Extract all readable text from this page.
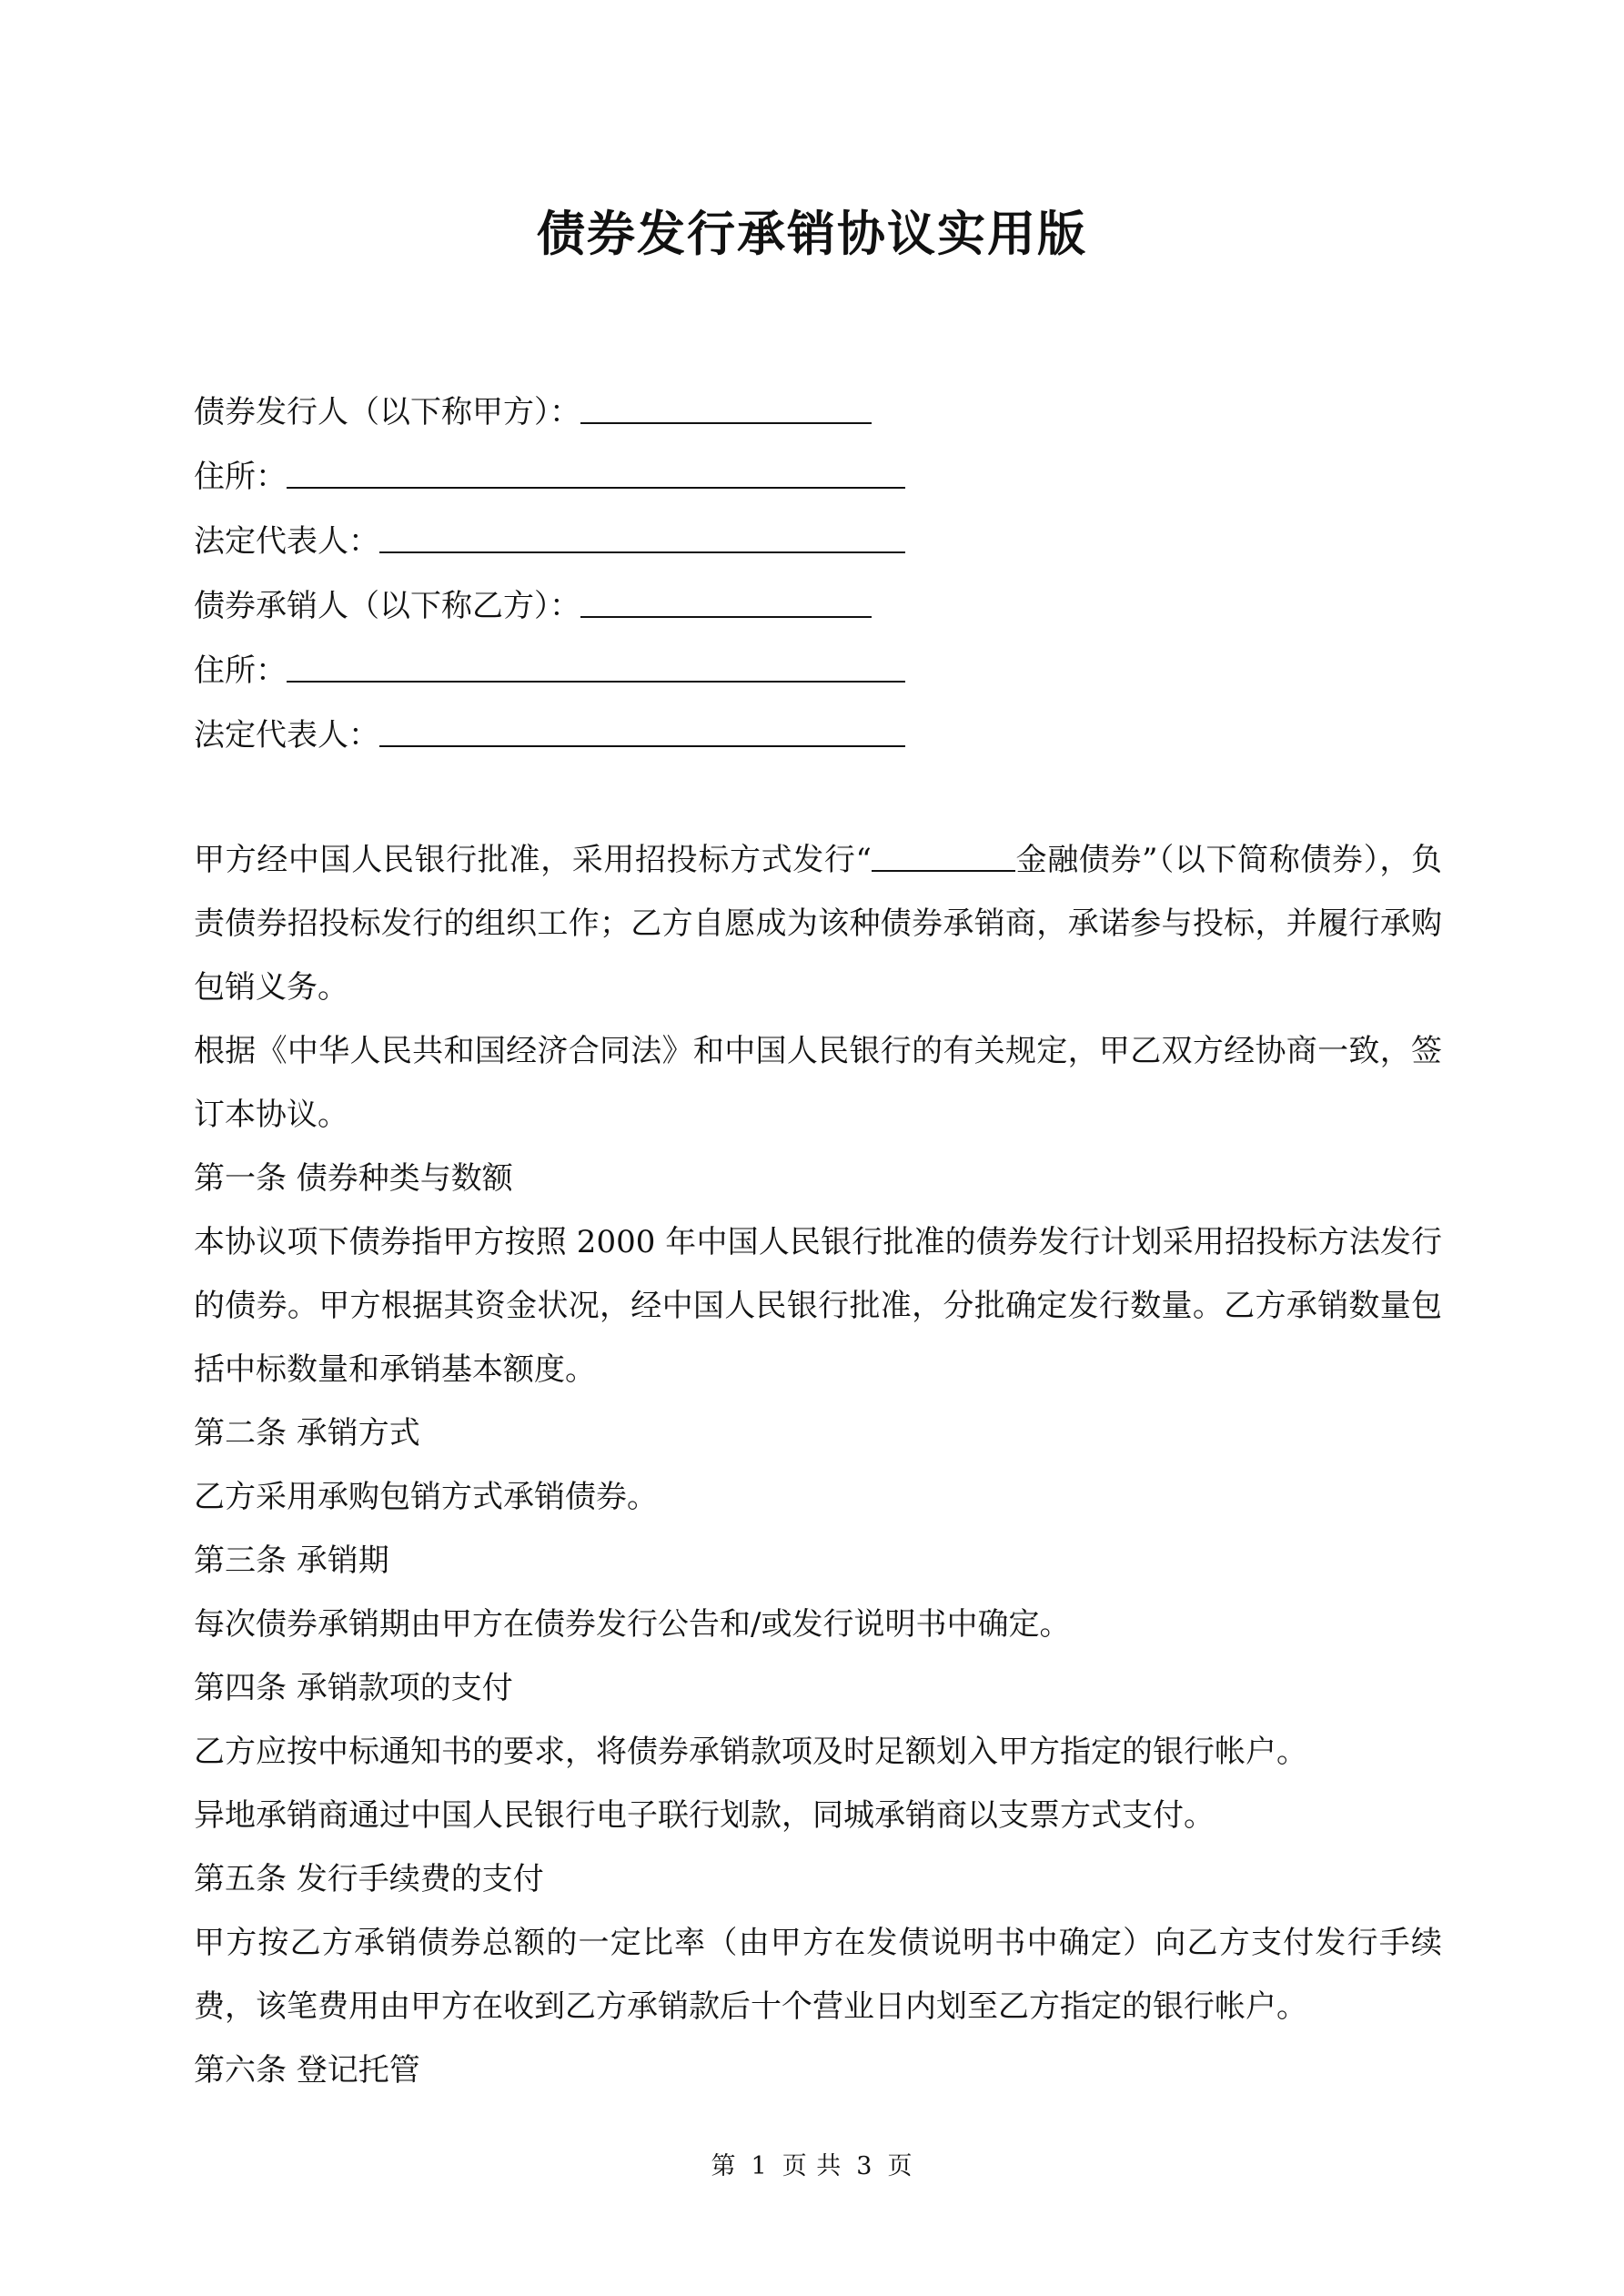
债券发行承销协议实用版
债券发行人（以下称甲方）：
住所：
法定代表人：
债券承销人（以下称乙方）：
住所：
法定代表人：
甲方经中国人民银行批准，采用招投标方式发行“	金融债券”（以下简称债券），负责债券招投标发行的组织工作；乙方自愿成为该种债券承销商，承诺参与投标，并履行承购包销义务。
根据《中华人民共和国经济合同法》和中国人民银行的有关规定，甲乙双方经协商一致，签订本协议。
第一条 债券种类与数额
本协议项下债券指甲方按照 2000 年中国人民银行批准的债券发行计划采用招投标方法发行的债券。甲方根据其资金状况，经中国人民银行批准，分批确定发行数量。乙方承销数量包括中标数量和承销基本额度。
第二条 承销方式
乙方采用承购包销方式承销债券。
第三条 承销期
每次债券承销期由甲方在债券发行公告和/或发行说明书中确定。
第四条 承销款项的支付
乙方应按中标通知书的要求，将债券承销款项及时足额划入甲方指定的银行帐户。
异地承销商通过中国人民银行电子联行划款，同城承销商以支票方式支付。
第五条 发行手续费的支付
甲方按乙方承销债券总额的一定比率（由甲方在发债说明书中确定）向乙方支付发行手续费，该笔费用由甲方在收到乙方承销款后十个营业日内划至乙方指定的银行帐户。
第六条 登记托管
第 1 页 共 3 页
